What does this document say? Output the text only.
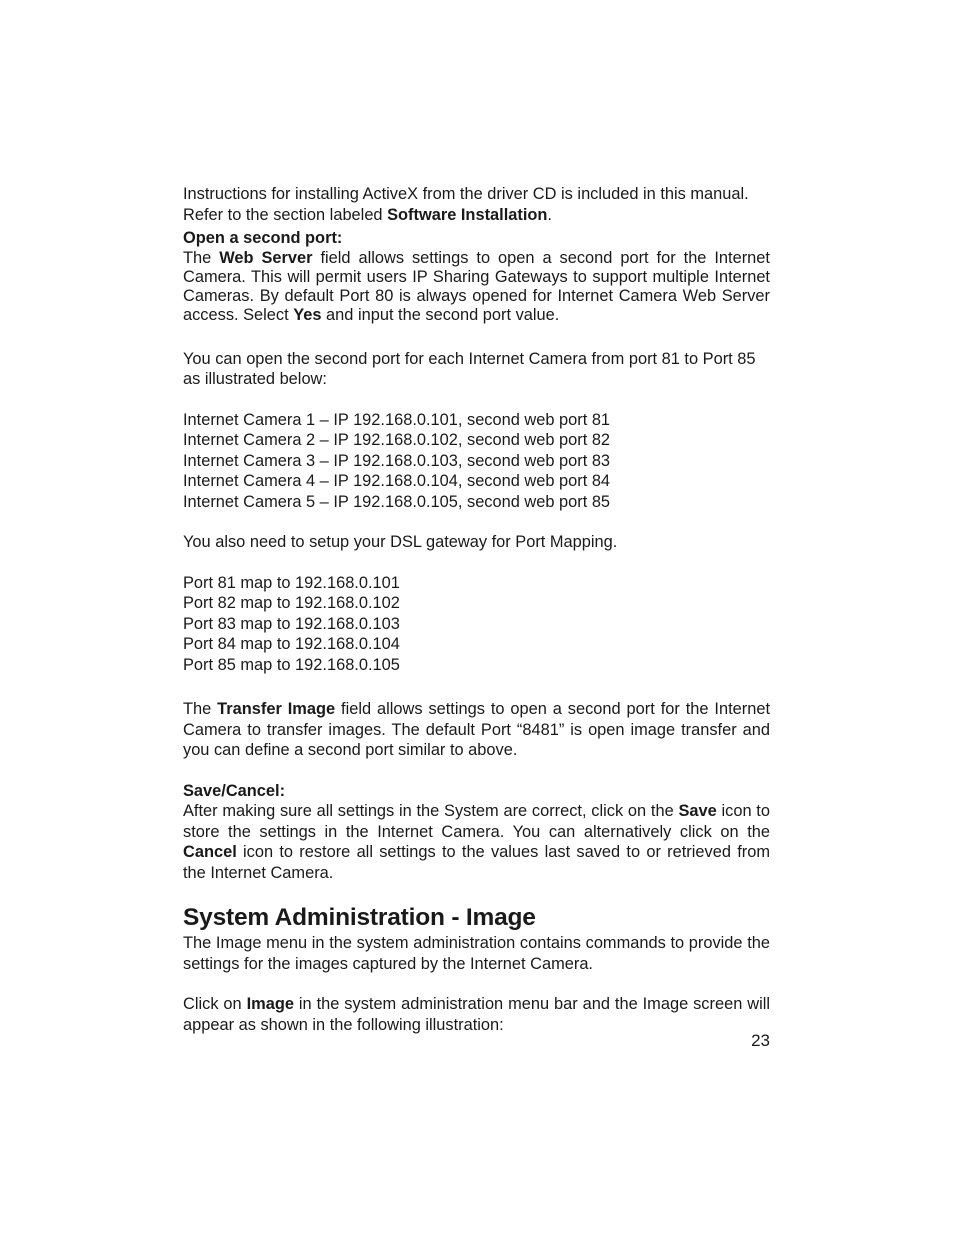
Instructions for installing ActiveX from the driver CD is included in this manual.

Refer to the section labeled Software Installation.

Open a second port:

The Web Server field allows settings to open a second port for the Internet Camera. This will permit users IP Sharing Gateways to support multiple Internet Cameras. By default Port 80 is always opened for Internet Camera Web Server access. Select Yes and input the second port value.

You can open the second port for each Internet Camera from port 81 to Port 85 as illustrated below:

Internet Camera 1 – IP 192.168.0.101, second web port 81

Internet Camera 2 – IP 192.168.0.102, second web port 82

Internet Camera 3 – IP 192.168.0.103, second web port 83

Internet Camera 4 – IP 192.168.0.104, second web port 84

Internet Camera 5 – IP 192.168.0.105, second web port 85

You also need to setup your DSL gateway for Port Mapping.

Port 81 map to 192.168.0.101

Port 82 map to 192.168.0.102

Port 83 map to 192.168.0.103

Port 84 map to 192.168.0.104

Port 85 map to 192.168.0.105

The Transfer Image field allows settings to open a second port for the Internet Camera to transfer images. The default Port “8481” is open image transfer and you can define a second port similar to above.

Save/Cancel:

After making sure all settings in the System are correct, click on the Save icon to store the settings in the Internet Camera. You can alternatively click on the Cancel icon to restore all settings to the values last saved to or retrieved from the Internet Camera.

System Administration - Image

The Image menu in the system administration contains commands to provide the settings for the images captured by the Internet Camera.

Click on Image in the system administration menu bar and the Image screen will appear as shown in the following illustration:

23
